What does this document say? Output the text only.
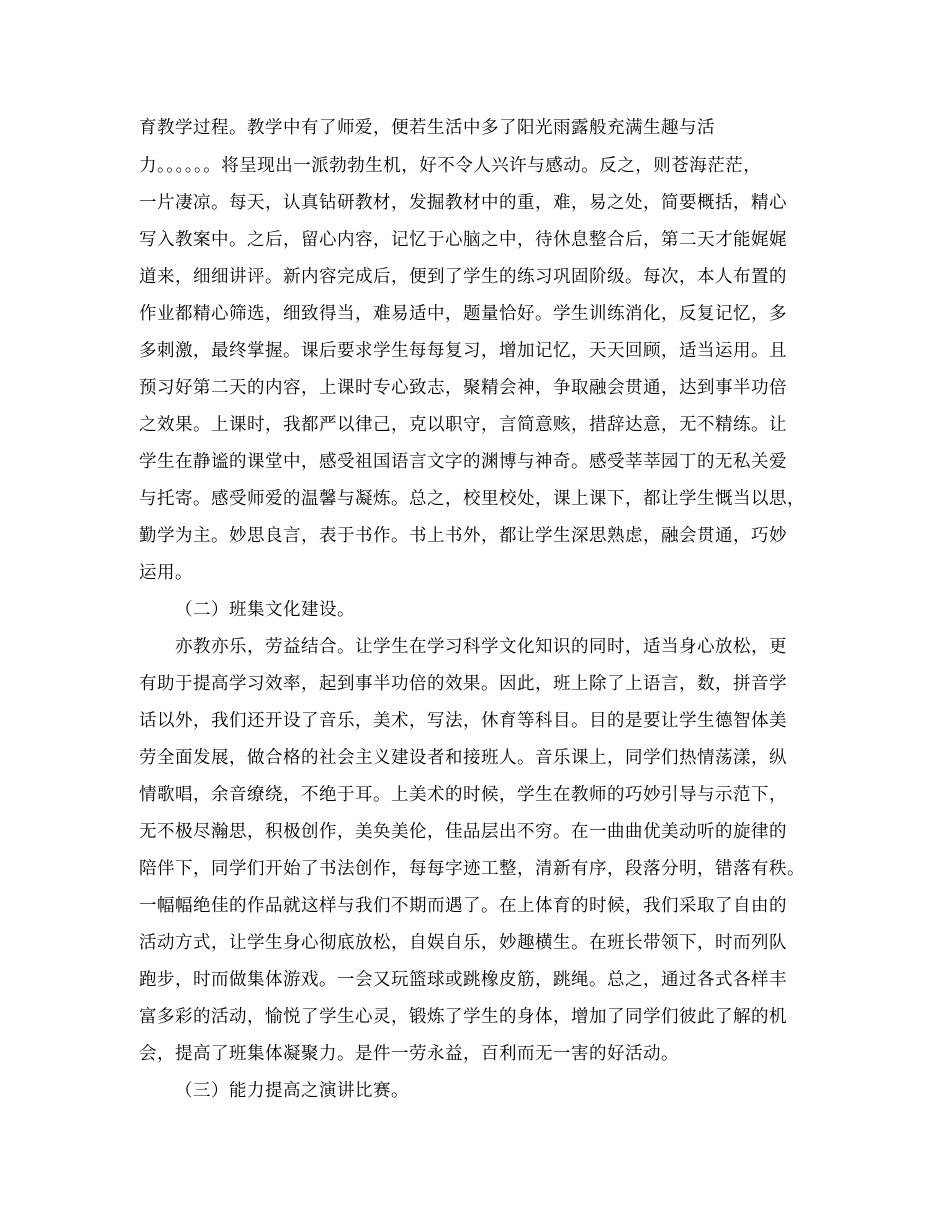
育教学过程。教学中有了师爱，便若生活中多了阳光雨露般充满生趣与活
力。。。。。。将呈现出一派勃勃生机，好不令人兴许与感动。反之，则苍海茫茫，
一片凄凉。每天，认真钻研教材，发掘教材中的重，难，易之处，简要概括，精心
写入教案中。之后，留心内容，记忆于心脑之中，待休息整合后，第二天才能娓娓
道来，细细讲评。新内容完成后，便到了学生的练习巩固阶级。每次，本人布置的
作业都精心筛选，细致得当，难易适中，题量恰好。学生训练消化，反复记忆，多
多刺激，最终掌握。课后要求学生每每复习，增加记忆，天天回顾，适当运用。且
预习好第二天的内容，上课时专心致志，聚精会神，争取融会贯通，达到事半功倍
之效果。上课时，我都严以律己，克以职守，言简意赅，措辞达意，无不精练。让
学生在静谧的课堂中，感受祖国语言文字的渊博与神奇。感受莘莘园丁的无私关爱
与托寄。感受师爱的温馨与凝炼。总之，校里校处，课上课下，都让学生慨当以思，
勤学为主。妙思良言，表于书作。书上书外，都让学生深思熟虑，融会贯通，巧妙
运用。
（二）班集文化建设。
亦教亦乐，劳益结合。让学生在学习科学文化知识的同时，适当身心放松，更
有助于提高学习效率，起到事半功倍的效果。因此，班上除了上语言，数，拼音学
话以外，我们还开设了音乐，美术，写法，休育等科目。目的是要让学生德智体美
劳全面发展，做合格的社会主义建设者和接班人。音乐课上，同学们热情荡漾，纵
情歌唱，余音缭绕，不绝于耳。上美术的时候，学生在教师的巧妙引导与示范下，
无不极尽瀚思，积极创作，美奂美伦，佳品层出不穷。在一曲曲优美动听的旋律的
陪伴下，同学们开始了书法创作，每每字迹工整，清新有序，段落分明，错落有秩。
一幅幅绝佳的作品就这样与我们不期而遇了。在上体育的时候，我们采取了自由的
活动方式，让学生身心彻底放松，自娱自乐，妙趣横生。在班长带领下，时而列队
跑步，时而做集体游戏。一会又玩篮球或跳橡皮筋，跳绳。总之，通过各式各样丰
富多彩的活动，愉悦了学生心灵，锻炼了学生的身体，增加了同学们彼此了解的机
会，提高了班集体凝聚力。是件一劳永益，百利而无一害的好活动。
（三）能力提高之演讲比赛。
